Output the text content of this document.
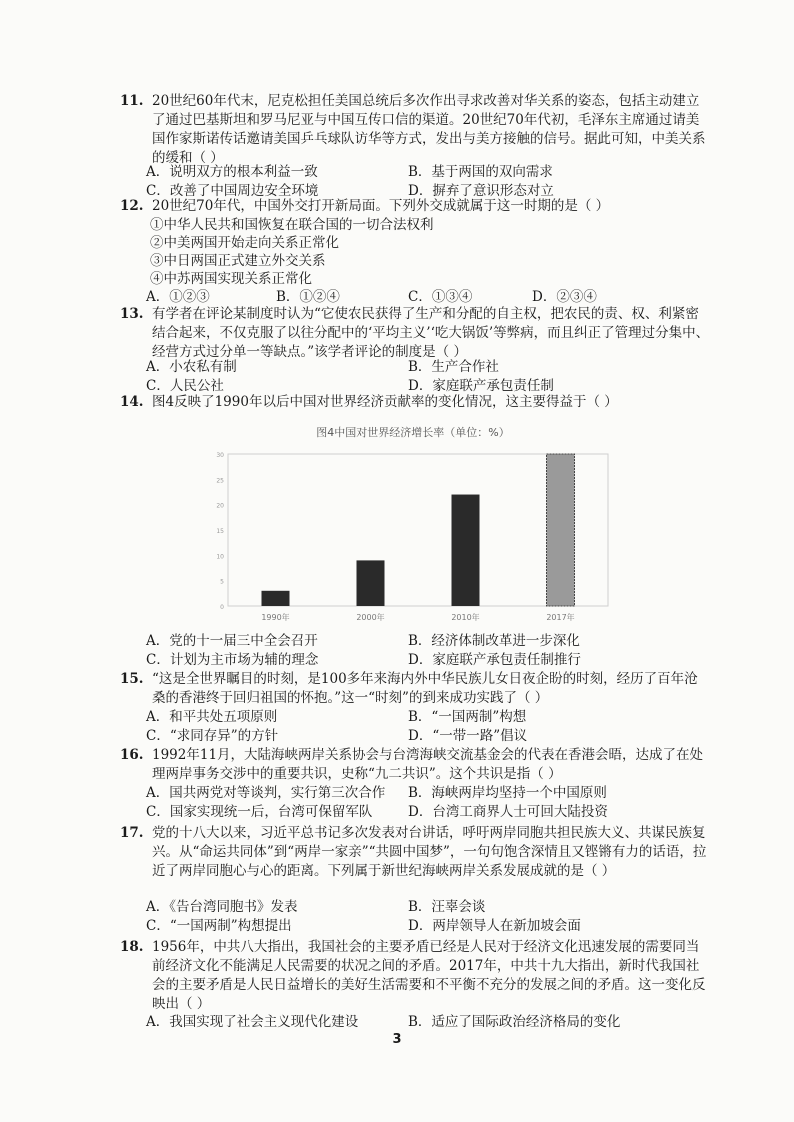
11. 20世纪60年代末，尼克松担任美国总统后多次作出寻求改善对华关系的姿态，包括主动建立了通过巴基斯坦和罗马尼亚与中国互传口信的渠道。20世纪70年代初，毛泽东主席通过请美国作家斯诺传话邀请美国乒乓球队访华等方式，发出与美方接触的信号。据此可知，中美关系的缓和（ ）
A．说明双方的根本利益一致	B．基于两国的双向需求
C．改善了中国周边安全环境	D．摒弃了意识形态对立
12. 20世纪70年代，中国外交打开新局面。下列外交成就属于这一时期的是（ ）
①中华人民共和国恢复在联合国的一切合法权利
②中美两国开始走向关系正常化
③中日两国正式建立外交关系
④中苏两国实现关系正常化
A．①②③	B．①②④	C．①③④	D．②③④
13. 有学者在评论某制度时认为“它使农民获得了生产和分配的自主权，把农民的责、权、利紧密结合起来，不仅克服了以往分配中的‘平均主义’‘吃大锅饭’等弊病，而且纠正了管理过分集中、经营方式过分单一等缺点。”该学者评论的制度是（ ）
A．小农私有制	B．生产合作社
C．人民公社	D．家庭联产承包责任制
14. 图4反映了1990年以后中国对世界经济贡献率的变化情况，这主要得益于（ ）
图4中国对世界经济增长率（单位：%）
0
5
10
15
20
25
30
1990年	2000年	2010年	2017年
A．党的十一届三中全会召开	B．经济体制改革进一步深化
C．计划为主市场为辅的理念	D．家庭联产承包责任制推行
15. “这是全世界瞩目的时刻，是100多年来海内外中华民族儿女日夜企盼的时刻，经历了百年沧桑的香港终于回归祖国的怀抱。”这一“时刻”的到来成功实践了（ ）
A．和平共处五项原则	B．“一国两制”构想
C．“求同存异”的方针	D．“一带一路”倡议
16. 1992年11月，大陆海峡两岸关系协会与台湾海峡交流基金会的代表在香港会晤，达成了在处理两岸事务交涉中的重要共识，史称“九二共识”。这个共识是指（ ）
A．国共两党对等谈判，实行第三次合作 B．海峡两岸均坚持一个中国原则
C．国家实现统一后，台湾可保留军队	D．台湾工商界人士可回大陆投资
17. 党的十八大以来，习近平总书记多次发表对台讲话，呼吁两岸同胞共担民族大义、共谋民族复兴。从“命运共同体”到“两岸一家亲”“共圆中国梦”，一句句饱含深情且又铿锵有力的话语，拉近了两岸同胞心与心的距离。下列属于新世纪海峡两岸关系发展成就的是（ ）
A．《告台湾同胞书》发表	B．汪辜会谈
C．“一国两制”构想提出	D．两岸领导人在新加坡会面
18. 1956年，中共八大指出，我国社会的主要矛盾已经是人民对于经济文化迅速发展的需要同当前经济文化不能满足人民需要的状况之间的矛盾。2017年，中共十九大指出，新时代我国社会的主要矛盾是人民日益增长的美好生活需要和不平衡不充分的发展之间的矛盾。这一变化反映出（ ）
A．我国实现了社会主义现代化建设	B．适应了国际政治经济格局的变化
3
